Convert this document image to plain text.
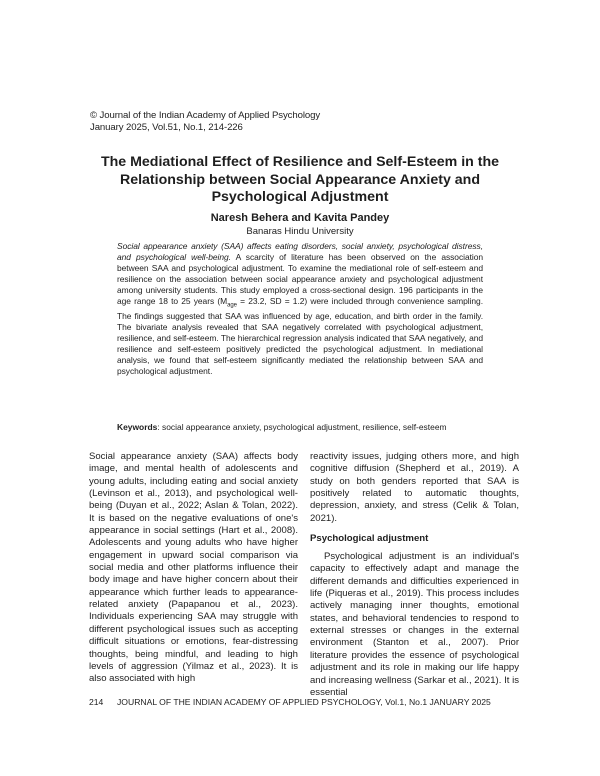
© Journal of the Indian Academy of Applied Psychology
January 2025, Vol.51, No.1, 214-226
The Mediational Effect of Resilience and Self-Esteem in the
Relationship between Social Appearance Anxiety and
Psychological Adjustment
Naresh Behera and Kavita Pandey
Banaras Hindu University

Social appearance anxiety (SAA) affects eating disorders, social anxiety, psychological distress, and psychological well-being. A scarcity of literature has been observed on the association between SAA and psychological adjustment. To examine the mediational role of self-esteem and resilience on the association between social appearance anxiety and psychological adjustment among university students. This study employed a cross-sectional design. 196 participants in the age range 18 to 25 years ($M_{age} = 23.2$, SD = 1.2) were included through convenience sampling. The findings suggested that SAA was influenced by age, education, and birth order in the family. The bivariate analysis revealed that SAA negatively correlated with psychological adjustment, resilience, and self-esteem. The hierarchical regression analysis indicated that SAA negatively, and resilience and self-esteem positively predicted the psychological adjustment. In mediational analysis, we found that self-esteem significantly mediated the relationship between SAA and psychological adjustment.

Keywords: social appearance anxiety, psychological adjustment, resilience, self-esteem

Social appearance anxiety (SAA) affects body image, and mental health of adolescents and young adults, including eating and social anxiety (Levinson et al., 2013), and psychological well-being (Duyan et al., 2022; Aslan & Tolan, 2022). It is based on the negative evaluations of one's appearance in social settings (Hart et al., 2008). Adolescents and young adults who have higher engagement in upward social comparison via social media and other platforms influence their body image and have higher concern about their appearance which further leads to appearance-related anxiety (Papapanou et al., 2023). Individuals experiencing SAA may struggle with different psychological issues such as accepting difficult situations or emotions, fear-distressing thoughts, being mindful, and leading to high levels of aggression (Yilmaz et al., 2023). It is also associated with high

reactivity issues, judging others more, and high cognitive diffusion (Shepherd et al., 2019). A study on both genders reported that SAA is positively related to automatic thoughts, depression, anxiety, and stress (Celik & Tolan, 2021).

Psychological adjustment

Psychological adjustment is an individual's capacity to effectively adapt and manage the different demands and difficulties experienced in life (Piqueras et al., 2019). This process includes actively managing inner thoughts, emotional states, and behavioral tendencies to respond to external stresses or changes in the external environment (Stanton et al., 2007). Prior literature provides the essence of psychological adjustment and its role in making our life happy and increasing wellness (Sarkar et al., 2021). It is essential

214 JOURNAL OF THE INDIAN ACADEMY OF APPLIED PSYCHOLOGY, Vol.1, No.1 JANUARY 2025
